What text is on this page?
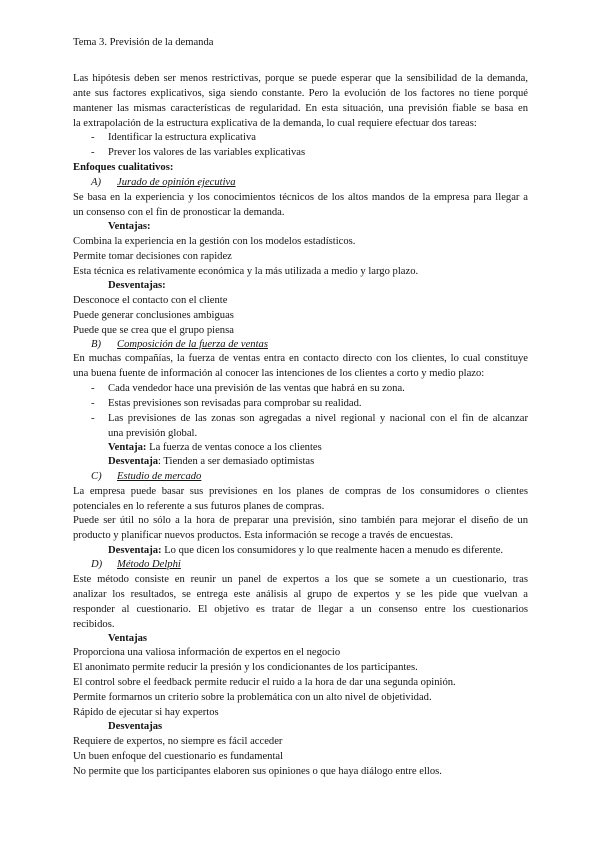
Tema 3. Previsión de la demanda
Las hipótesis deben ser menos restrictivas, porque se puede esperar que la sensibilidad de la demanda,
ante sus factores explicativos, siga siendo constante. Pero la evolución de los factores no tiene porqué
mantener las mismas características de regularidad. En esta situación, una previsión fiable se basa en
la extrapolación de la estructura explicativa de la demanda, lo cual requiere efectuar dos tareas:
- Identificar la estructura explicativa
- Prever los valores de las variables explicativas
Enfoques cualitativos:
A) Jurado de opinión ejecutiva
Se basa en la experiencia y los conocimientos técnicos de los altos mandos de la empresa para llegar a
un consenso con el fin de pronosticar la demanda.
Ventajas:
Combina la experiencia en la gestión con los modelos estadísticos.
Permite tomar decisiones con rapidez
Esta técnica es relativamente económica y la más utilizada a medio y largo plazo.
Desventajas:
Desconoce el contacto con el cliente
Puede generar conclusiones ambiguas
Puede que se crea que el grupo piensa
B) Composición de la fuerza de ventas
En muchas compañías, la fuerza de ventas entra en contacto directo con los clientes, lo cual constituye
una buena fuente de información al conocer las intenciones de los clientes a corto y medio plazo:
- Cada vendedor hace una previsión de las ventas que habrá en su zona.
- Estas previsiones son revisadas para comprobar su realidad.
- Las previsiones de las zonas son agregadas a nivel regional y nacional con el fin de alcanzar
una previsión global.
Ventaja: La fuerza de ventas conoce a los clientes
Desventaja: Tienden a ser demasiado optimistas
C) Estudio de mercado
La empresa puede basar sus previsiones en los planes de compras de los consumidores o clientes
potenciales en lo referente a sus futuros planes de compras.
Puede ser útil no sólo a la hora de preparar una previsión, sino también para mejorar el diseño de un
producto y planificar nuevos productos. Esta información se recoge a través de encuestas.
Desventaja: Lo que dicen los consumidores y lo que realmente hacen a menudo es diferente.
D) Método Delphi
Este método consiste en reunir un panel de expertos a los que se somete a un cuestionario, tras
analizar los resultados, se entrega este análisis al grupo de expertos y se les pide que vuelvan a
responder al cuestionario. El objetivo es tratar de llegar a un consenso entre los cuestionarios
recibidos.
Ventajas
Proporciona una valiosa información de expertos en el negocio
El anonimato permite reducir la presión y los condicionantes de los participantes.
El control sobre el feedback permite reducir el ruido a la hora de dar una segunda opinión.
Permite formarnos un criterio sobre la problemática con un alto nivel de objetividad.
Rápido de ejecutar si hay expertos
Desventajas
Requiere de expertos, no siempre es fácil acceder
Un buen enfoque del cuestionario es fundamental
No permite que los participantes elaboren sus opiniones o que haya diálogo entre ellos.
